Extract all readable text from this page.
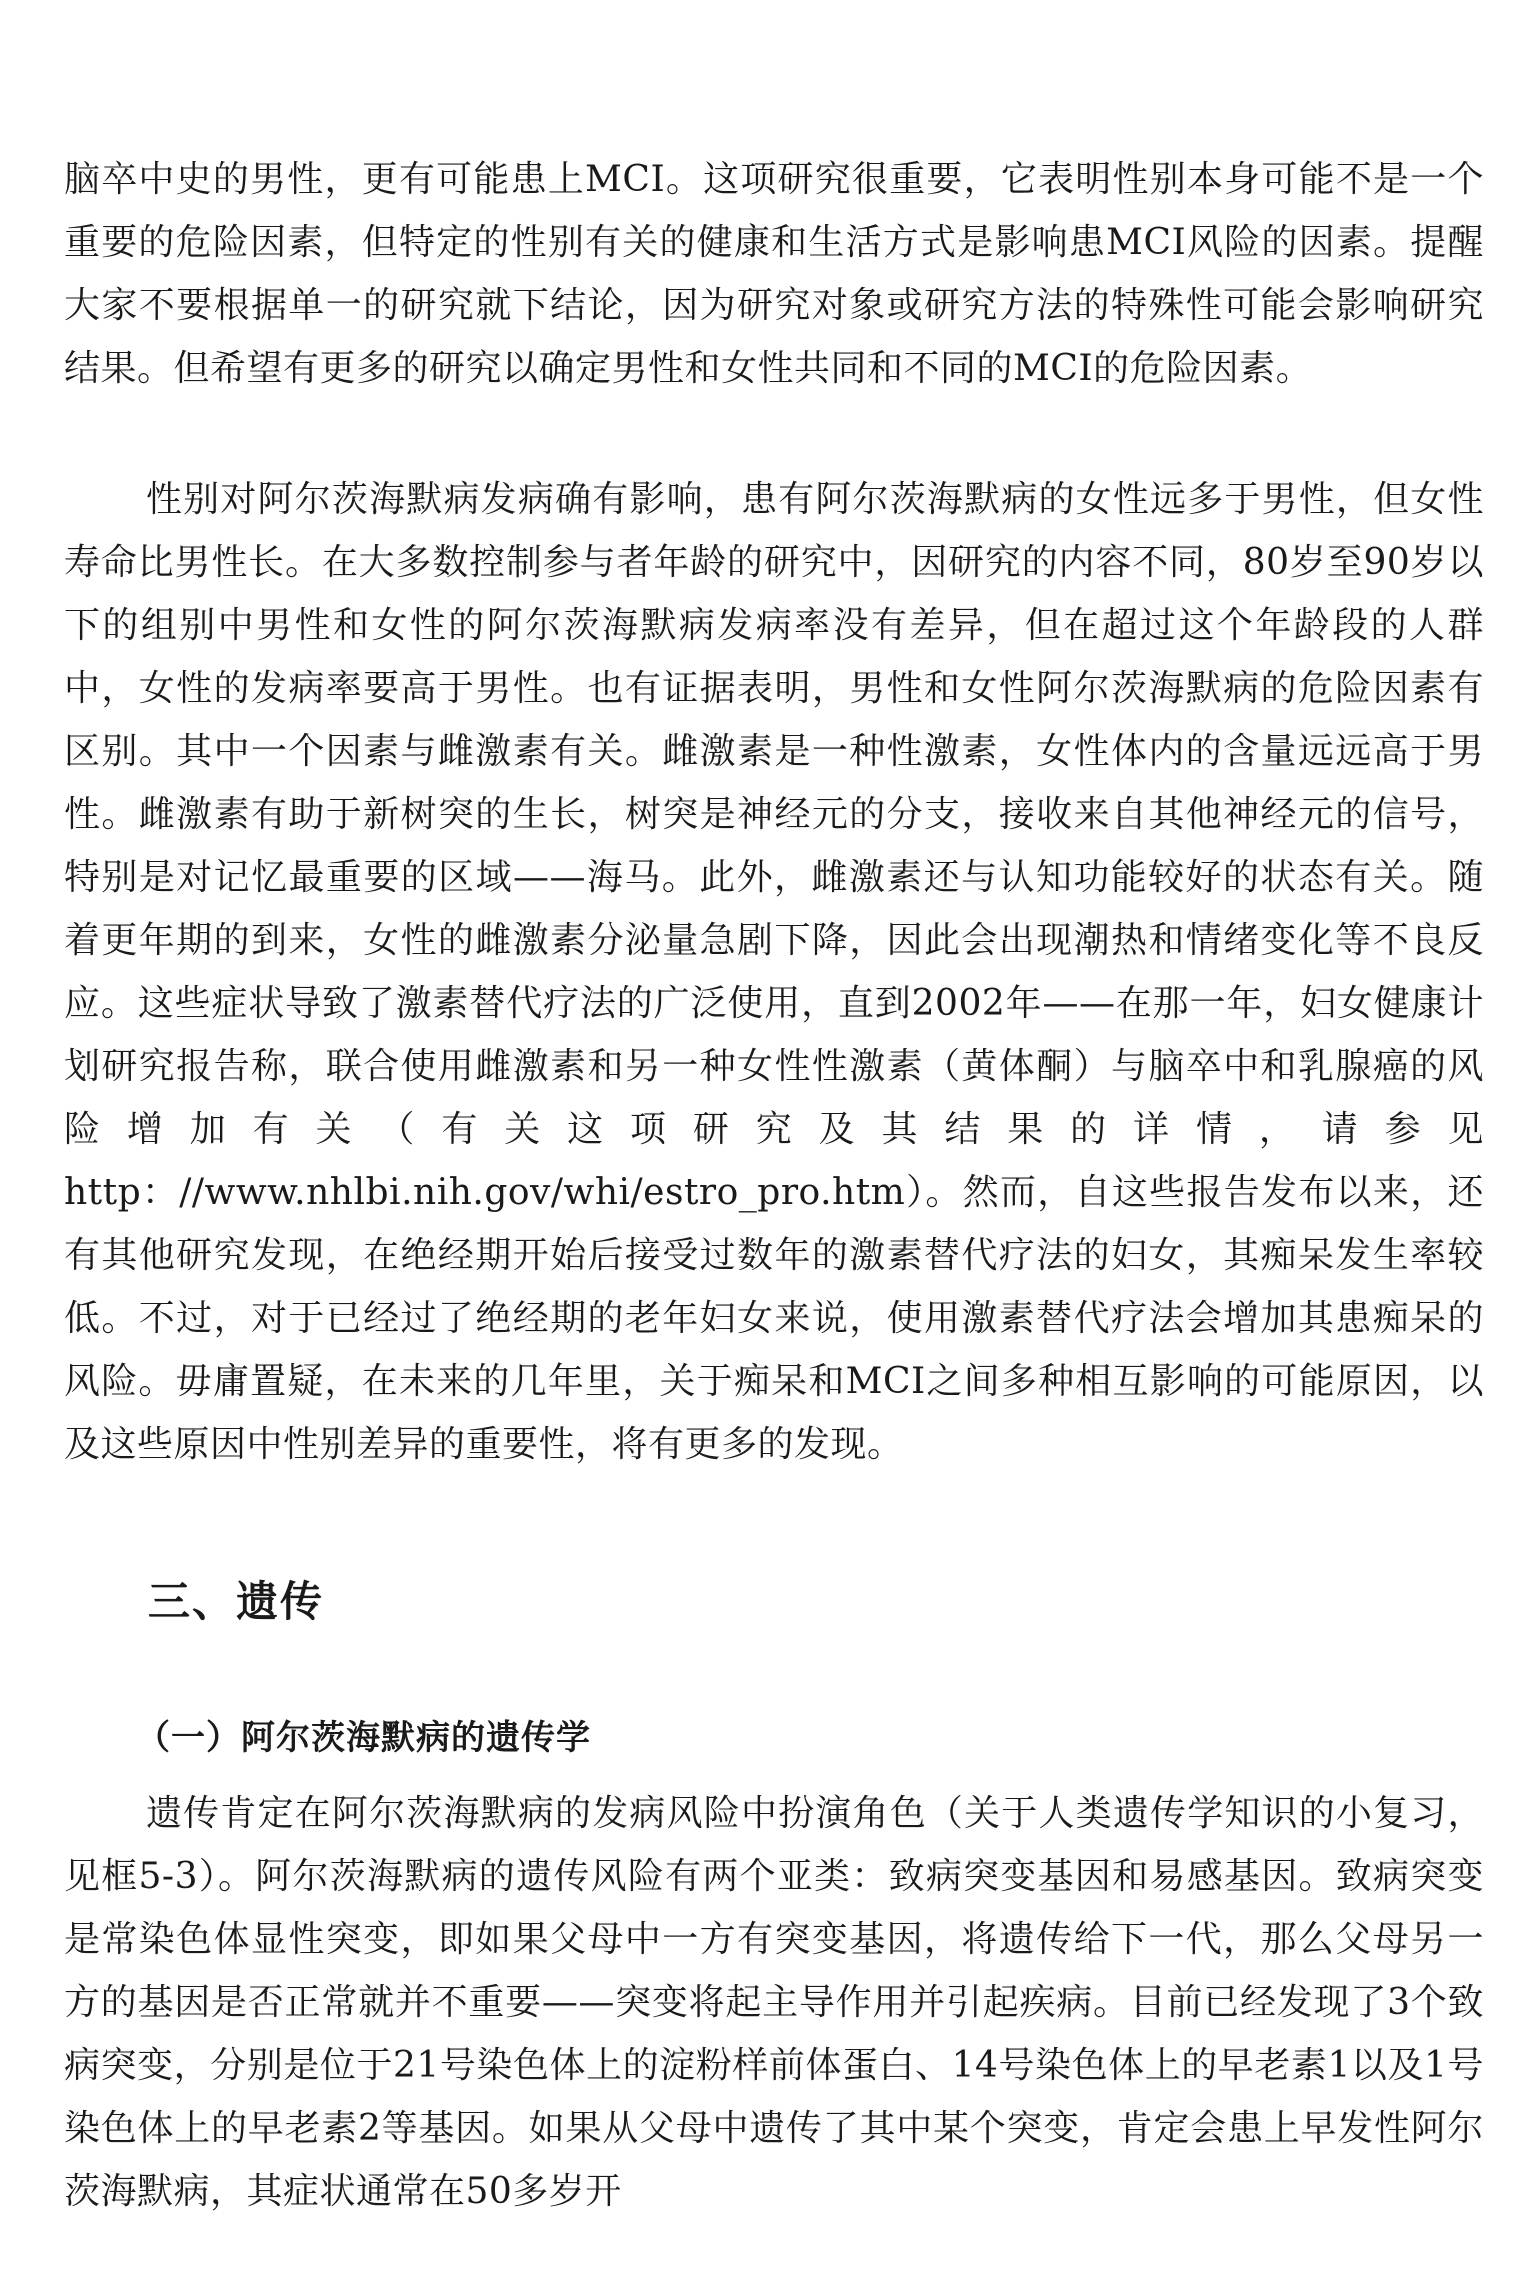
脑卒中史的男性，更有可能患上MCI。这项研究很重要，它表明性别本身可能不是一个重要的危险因素，但特定的性别有关的健康和生活方式是影响患MCI风险的因素。提醒大家不要根据单一的研究就下结论，因为研究对象或研究方法的特殊性可能会影响研究结果。但希望有更多的研究以确定男性和女性共同和不同的MCI的危险因素。

性别对阿尔茨海默病发病确有影响，患有阿尔茨海默病的女性远多于男性，但女性寿命比男性长。在大多数控制参与者年龄的研究中，因研究的内容不同，80岁至90岁以下的组别中男性和女性的阿尔茨海默病发病率没有差异，但在超过这个年龄段的人群中，女性的发病率要高于男性。也有证据表明，男性和女性阿尔茨海默病的危险因素有区别。其中一个因素与雌激素有关。雌激素是一种性激素，女性体内的含量远远高于男性。雌激素有助于新树突的生长，树突是神经元的分支，接收来自其他神经元的信号，特别是对记忆最重要的区域——海马。此外，雌激素还与认知功能较好的状态有关。随着更年期的到来，女性的雌激素分泌量急剧下降，因此会出现潮热和情绪变化等不良反应。这些症状导致了激素替代疗法的广泛使用，直到2002年——在那一年，妇女健康计划研究报告称，联合使用雌激素和另一种女性性激素（黄体酮）与脑卒中和乳腺癌的风险增加有关（有关这项研究及其结果的详情，请参见http：//www.nhlbi.nih.gov/whi/estro_pro.htm）。然而，自这些报告发布以来，还有其他研究发现，在绝经期开始后接受过数年的激素替代疗法的妇女，其痴呆发生率较低。不过，对于已经过了绝经期的老年妇女来说，使用激素替代疗法会增加其患痴呆的风险。毋庸置疑，在未来的几年里，关于痴呆和MCI之间多种相互影响的可能原因，以及这些原因中性别差异的重要性，将有更多的发现。

三、遗传
（一）阿尔茨海默病的遗传学

遗传肯定在阿尔茨海默病的发病风险中扮演角色（关于人类遗传学知识的小复习，见框5-3）。阿尔茨海默病的遗传风险有两个亚类：致病突变基因和易感基因。致病突变是常染色体显性突变，即如果父母中一方有突变基因，将遗传给下一代，那么父母另一方的基因是否正常就并不重要——突变将起主导作用并引起疾病。目前已经发现了3个致病突变，分别是位于21号染色体上的淀粉样前体蛋白、14号染色体上的早老素1以及1号染色体上的早老素2等基因。如果从父母中遗传了其中某个突变，肯定会患上早发性阿尔茨海默病，其症状通常在50多岁开
